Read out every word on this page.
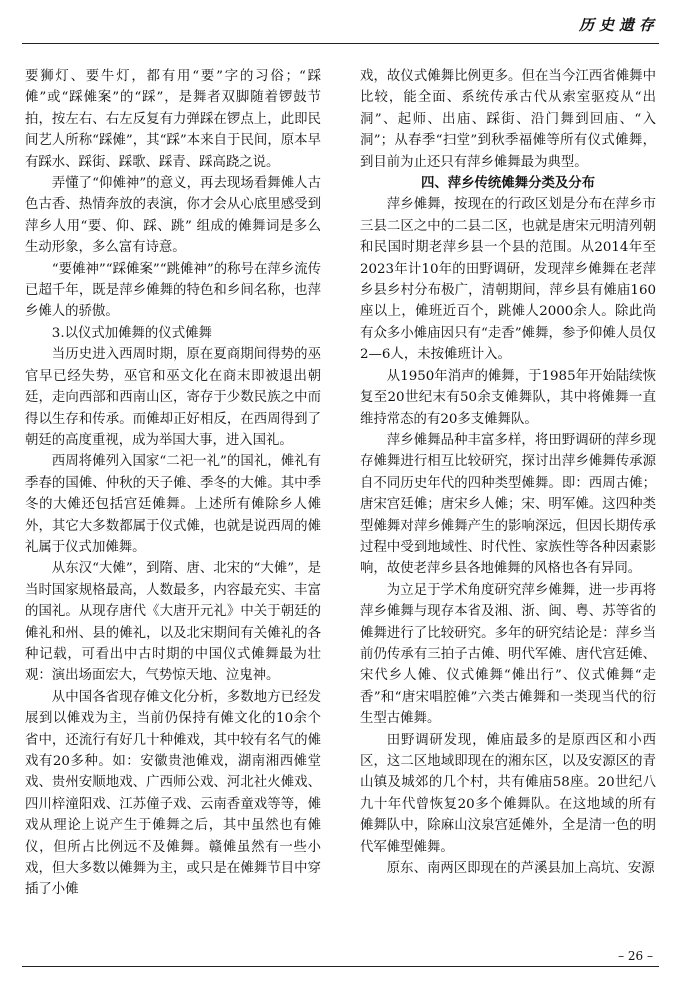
历史遗存

要狮灯、要牛灯，都有用“要”字的习俗；“踩傩”或“踩傩案”的“踩”，是舞者双脚随着锣鼓节拍，按左右、右左反复有力弹踩在锣点上，此即民间艺人所称“踩傩”，其“踩”本来自于民间，原本早有踩水、踩街、踩歌、踩青、踩高跷之说。

弄懂了“仰傩神”的意义，再去现场看舞傩人古色古香、热情奔放的表演，你才会从心底里感受到萍乡人用“要、仰、踩、跳” 组成的傩舞词是多么生动形象，多么富有诗意。

“要傩神”“踩傩案”“跳傩神”的称号在萍乡流传已超千年，既是萍乡傩舞的特色和乡间名称，也萍乡傩人的骄傲。

3.以仪式加傩舞的仪式傩舞

当历史进入西周时期，原在夏商期间得势的巫官早已经失势，巫官和巫文化在商末即被退出朝廷，走向西部和西南山区，寄存于少数民族之中而得以生存和传承。而傩却正好相反，在西周得到了朝廷的高度重视，成为举国大事，进入国礼。

西周将傩列入国家“二祀一礼”的国礼，傩礼有季春的国傩、仲秋的天子傩、季冬的大傩。其中季冬的大傩还包括宫廷傩舞。上述所有傩除乡人傩外，其它大多数都属于仪式傩，也就是说西周的傩礼属于仪式加傩舞。

从东汉“大傩”，到隋、唐、北宋的“大傩”，是当时国家规格最高，人数最多，内容最充实、丰富的国礼。从现存唐代《大唐开元礼》中关于朝廷的傩礼和州、县的傩礼，以及北宋期间有关傩礼的各种记载，可看出中古时期的中国仪式傩舞最为壮观：演出场面宏大，气势惊天地、泣鬼神。

从中国各省现存傩文化分析，多数地方已经发展到以傩戏为主，当前仍保持有傩文化的10余个省中，还流行有好几十种傩戏，其中较有名气的傩戏有20多种。如：安徽贵池傩戏，湖南湘西傩堂戏、贵州安顺地戏、广西师公戏、河北社火傩戏、四川梓潼阳戏、江苏僮子戏、云南香童戏等等，傩戏从理论上说产生于傩舞之后，其中虽然也有傩仪，但所占比例远不及傩舞。赣傩虽然有一些小戏，但大多数以傩舞为主，或只是在傩舞节目中穿插了小傩

戏，故仪式傩舞比例更多。但在当今江西省傩舞中比较，能全面、系统传承古代从索室驱疫从“出洞”、起师、出庙、踩街、沿门舞到回庙、“入洞”；从春季“扫堂”到秋季福傩等所有仪式傩舞，到目前为止还只有萍乡傩舞最为典型。

四、萍乡传统傩舞分类及分布

萍乡傩舞，按现在的行政区划是分布在萍乡市三县二区之中的二县二区，也就是唐宋元明清列朝和民国时期老萍乡县一个县的范围。从2014年至2023年计10年的田野调研，发现萍乡傩舞在老萍乡县乡村分布极广，清朝期间，萍乡县有傩庙160座以上，傩班近百个，跳傩人2000余人。除此尚有众多小傩庙因只有“走香”傩舞，参予仰傩人员仅2—6人，未按傩班计入。

从1950年消声的傩舞，于1985年开始陆续恢复至20世纪末有50余支傩舞队，其中将傩舞一直维持常态的有20多支傩舞队。

萍乡傩舞品种丰富多样，将田野调研的萍乡现存傩舞进行相互比较研究，探讨出萍乡傩舞传承源自不同历史年代的四种类型傩舞。即：西周古傩；唐宋宫廷傩；唐宋乡人傩；宋、明军傩。这四种类型傩舞对萍乡傩舞产生的影响深远，但因长期传承过程中受到地域性、时代性、家族性等各种因素影响，故使老萍乡县各地傩舞的风格也各有异同。

为立足于学术角度研究萍乡傩舞，进一步再将萍乡傩舞与现存本省及湘、浙、闽、粤、苏等省的傩舞进行了比较研究。多年的研究结论是：萍乡当前仍传承有三拍子古傩、明代军傩、唐代宫廷傩、宋代乡人傩、仪式傩舞“傩出行”、仪式傩舞“走香”和“唐宋唱腔傩”六类古傩舞和一类现当代的衍生型古傩舞。

田野调研发现，傩庙最多的是原西区和小西区，这二区地域即现在的湘东区，以及安源区的青山镇及城郊的几个村，共有傩庙58座。20世纪八九十年代曾恢复20多个傩舞队。在这地域的所有傩舞队中，除麻山汶泉宫延傩外，全是清一色的明代军傩型傩舞。

原东、南两区即现在的芦溪县加上高坑、安源

– 26 –
